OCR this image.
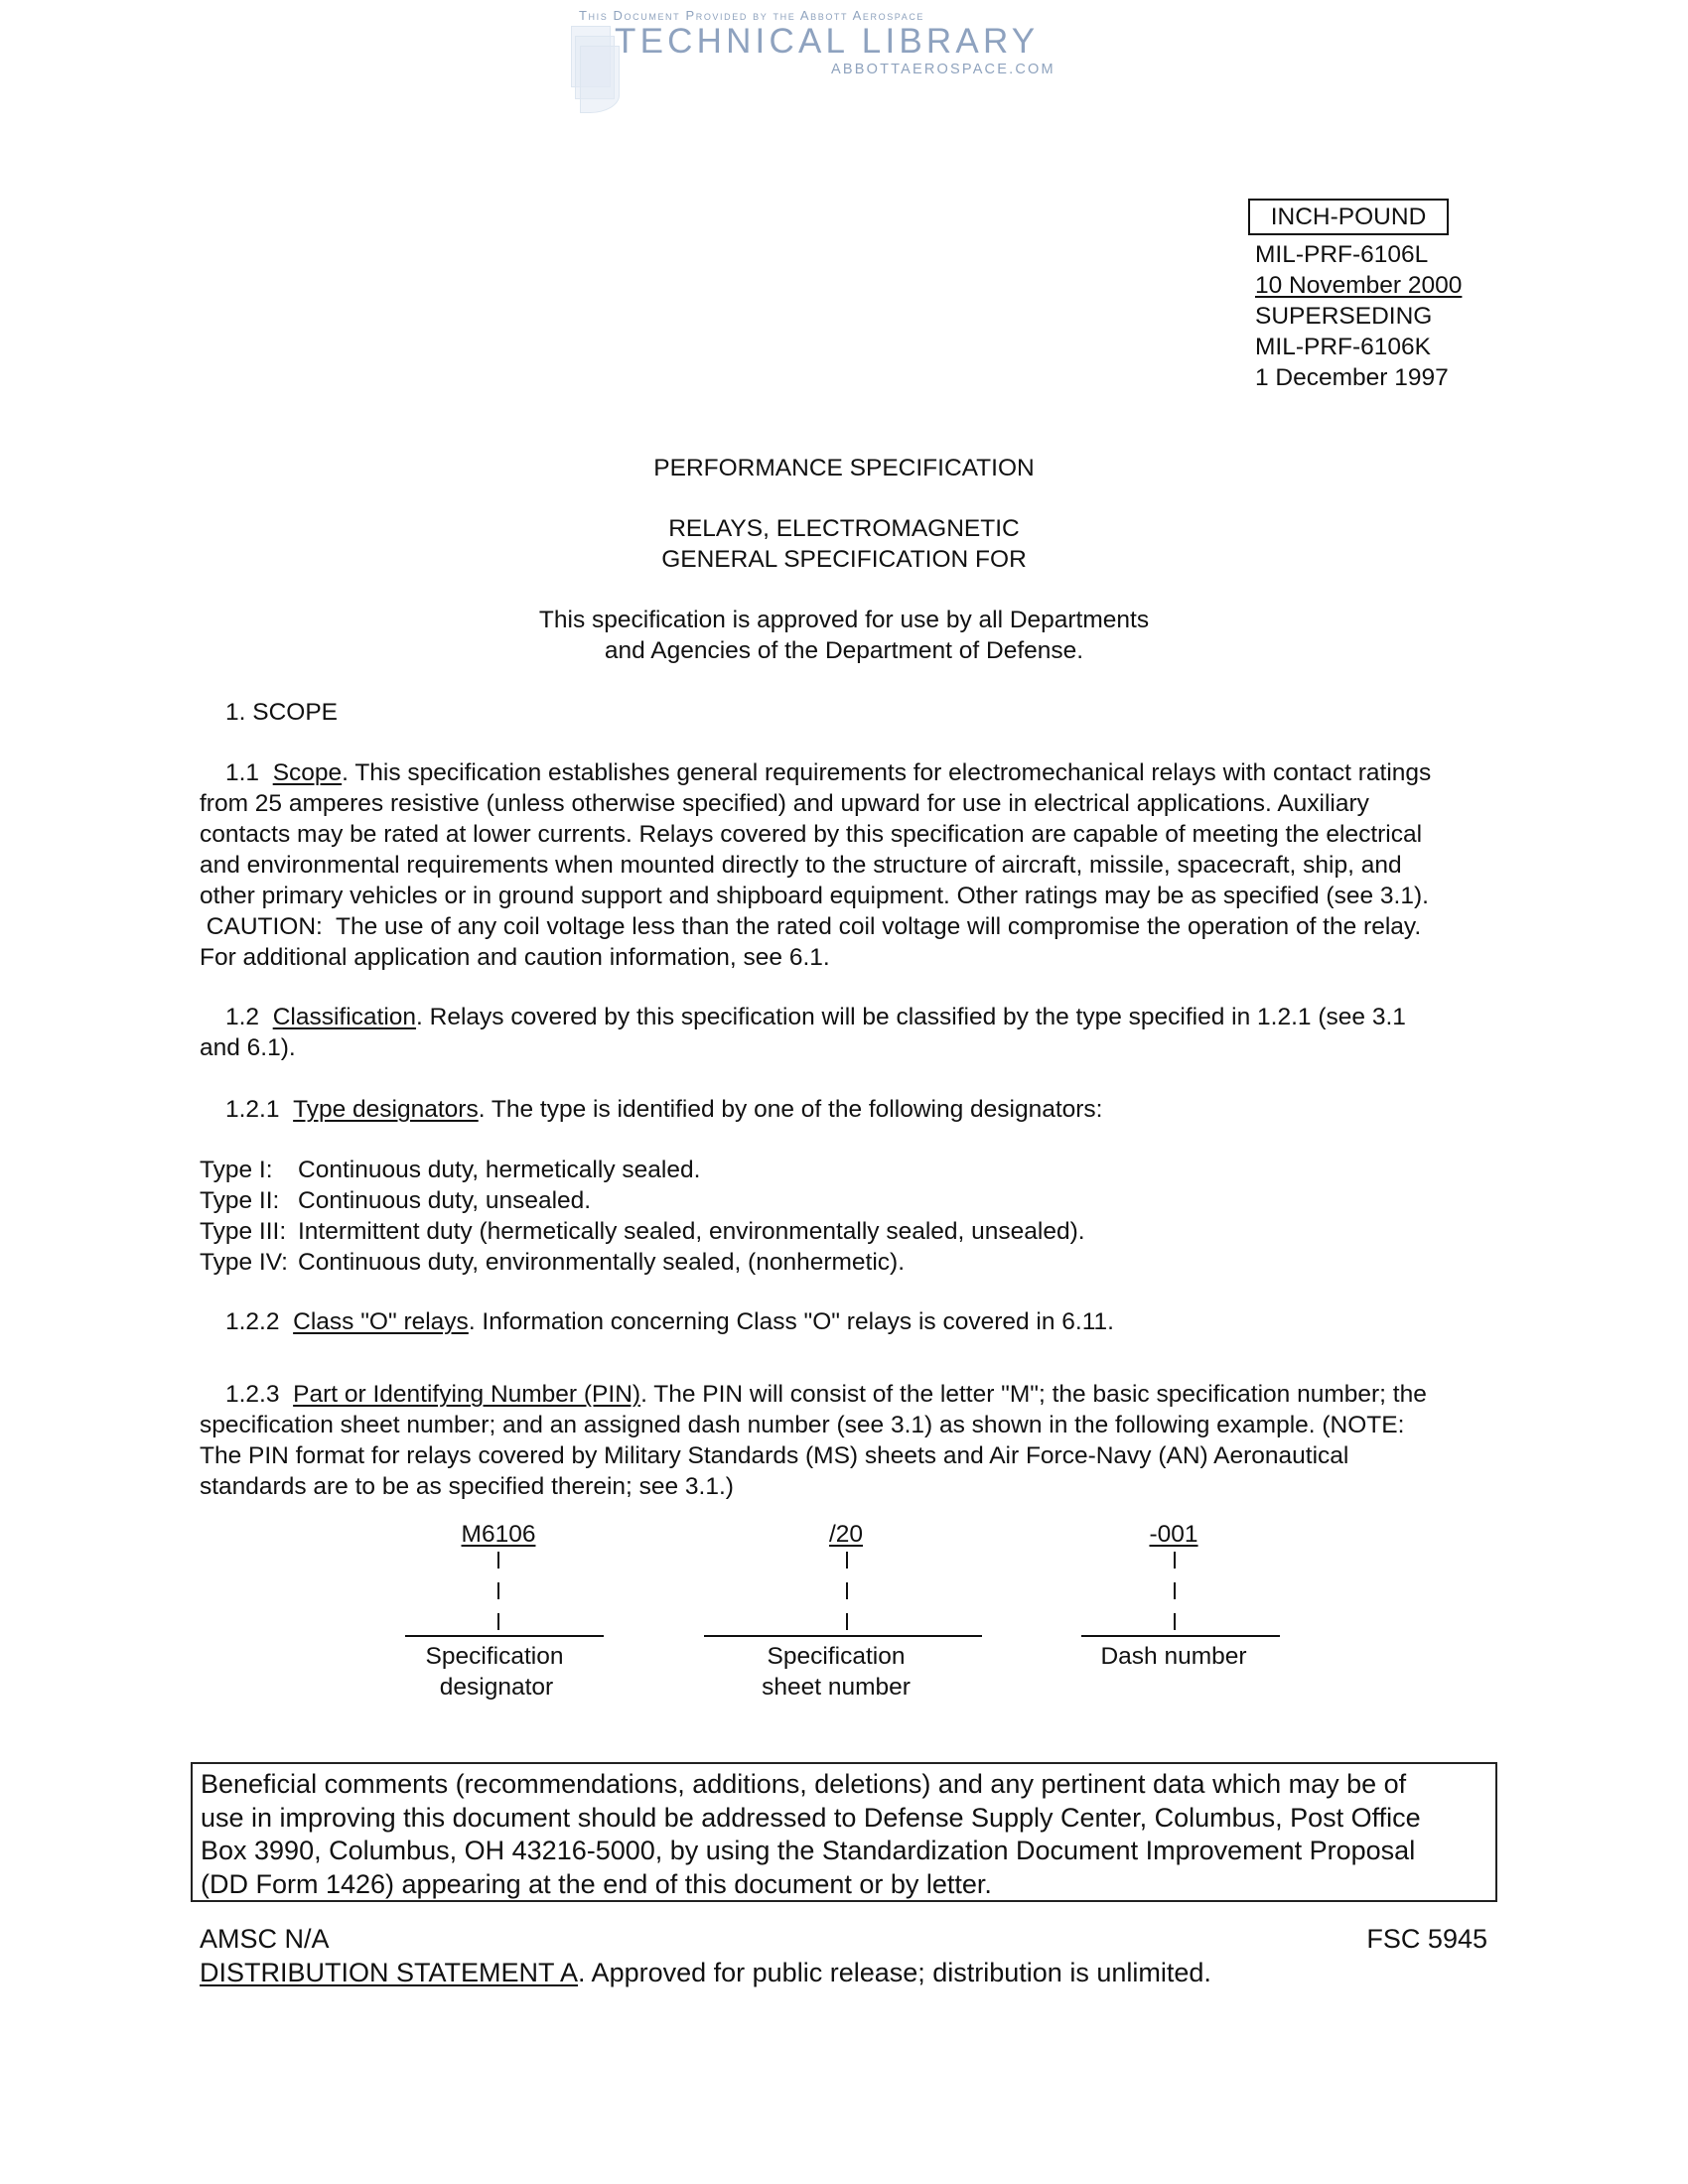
This Document Provided by the Abbott Aerospace
TECHNICAL LIBRARY
ABBOTTAEROSPACE.COM
INCH-POUND
MIL-PRF-6106L
10 November 2000
SUPERSEDING
MIL-PRF-6106K
1 December 1997
PERFORMANCE SPECIFICATION
RELAYS, ELECTROMAGNETIC
GENERAL SPECIFICATION FOR
This specification is approved for use by all Departments
and Agencies of the Department of Defense.
1. SCOPE
1.1 Scope. This specification establishes general requirements for electromechanical relays with contact ratings
from 25 amperes resistive (unless otherwise specified) and upward for use in electrical applications. Auxiliary
contacts may be rated at lower currents. Relays covered by this specification are capable of meeting the electrical
and environmental requirements when mounted directly to the structure of aircraft, missile, spacecraft, ship, and
other primary vehicles or in ground support and shipboard equipment. Other ratings may be as specified (see 3.1).
CAUTION:  The use of any coil voltage less than the rated coil voltage will compromise the operation of the relay.
For additional application and caution information, see 6.1.
1.2 Classification. Relays covered by this specification will be classified by the type specified in 1.2.1 (see 3.1
and 6.1).
1.2.1 Type designators. The type is identified by one of the following designators:
Type I: Continuous duty, hermetically sealed.
Type II: Continuous duty, unsealed.
Type III: Intermittent duty (hermetically sealed, environmentally sealed, unsealed).
Type IV: Continuous duty, environmentally sealed, (nonhermetic).
1.2.2 Class "O" relays. Information concerning Class "O" relays is covered in 6.11.
1.2.3 Part or Identifying Number (PIN). The PIN will consist of the letter "M"; the basic specification number; the
specification sheet number; and an assigned dash number (see 3.1) as shown in the following example. (NOTE:
The PIN format for relays covered by Military Standards (MS) sheets and Air Force-Navy (AN) Aeronautical
standards are to be as specified therein; see 3.1.)
M6106
Specification
designator
/20
Specification
sheet number
-001
Dash number
Beneficial comments (recommendations, additions, deletions) and any pertinent data which may be of
use in improving this document should be addressed to Defense Supply Center, Columbus, Post Office
Box 3990, Columbus, OH 43216-5000, by using the Standardization Document Improvement Proposal
(DD Form 1426) appearing at the end of this document or by letter.
AMSC N/A	FSC 5945
DISTRIBUTION STATEMENT A. Approved for public release; distribution is unlimited.
